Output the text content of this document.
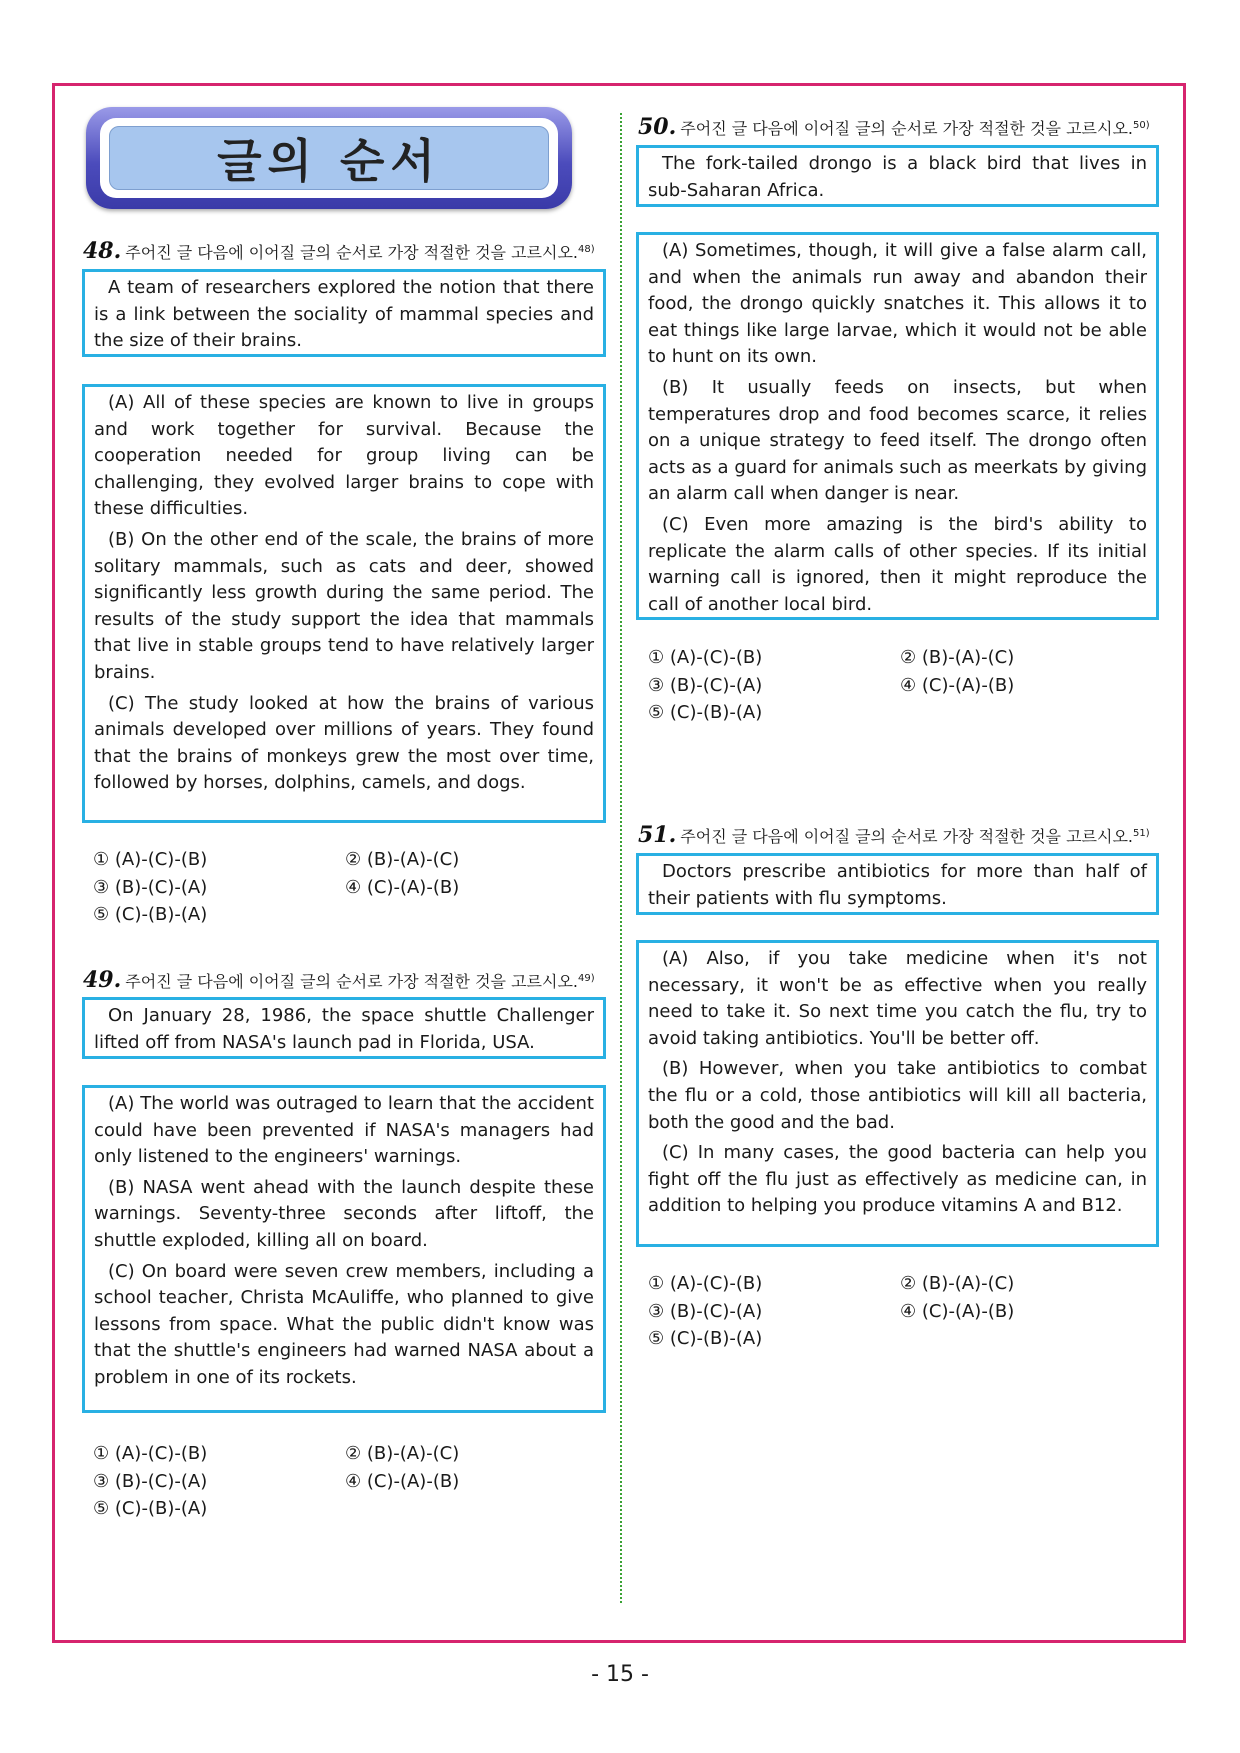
글의 순서
48. 주어진 글 다음에 이어질 글의 순서로 가장 적절한 것을 고르시오. 48)

A team of researchers explored the notion that there is a link between the sociality of mammal species and the size of their brains.

(A) All of these species are known to live in groups and work together for survival. Because the cooperation needed for group living can be challenging, they evolved larger brains to cope with these difficulties.

(B) On the other end of the scale, the brains of more solitary mammals, such as cats and deer, showed significantly less growth during the same period. The results of the study support the idea that mammals that live in stable groups tend to have relatively larger brains.

(C) The study looked at how the brains of various animals developed over millions of years. They found that the brains of monkeys grew the most over time, followed by horses, dolphins, camels, and dogs.

① (A)-(C)-(B)	② (B)-(A)-(C)
③ (B)-(C)-(A)	④ (C)-(A)-(B)
⑤ (C)-(B)-(A)
49. 주어진 글 다음에 이어질 글의 순서로 가장 적절한 것을 고르시오. 49)

On January 28, 1986, the space shuttle Challenger lifted off from NASA's launch pad in Florida, USA.

(A) The world was outraged to learn that the accident could have been prevented if NASA's managers had only listened to the engineers' warnings.

(B) NASA went ahead with the launch despite these warnings. Seventy-three seconds after liftoff, the shuttle exploded, killing all on board.

(C) On board were seven crew members, including a school teacher, Christa McAuliffe, who planned to give lessons from space. What the public didn't know was that the shuttle's engineers had warned NASA about a problem in one of its rockets.

① (A)-(C)-(B)	② (B)-(A)-(C)
③ (B)-(C)-(A)	④ (C)-(A)-(B)
⑤ (C)-(B)-(A)
50. 주어진 글 다음에 이어질 글의 순서로 가장 적절한 것을 고르시오. 50)

The fork-tailed drongo is a black bird that lives in sub-Saharan Africa.

(A) Sometimes, though, it will give a false alarm call, and when the animals run away and abandon their food, the drongo quickly snatches it. This allows it to eat things like large larvae, which it would not be able to hunt on its own.

(B) It usually feeds on insects, but when temperatures drop and food becomes scarce, it relies on a unique strategy to feed itself. The drongo often acts as a guard for animals such as meerkats by giving an alarm call when danger is near.

(C) Even more amazing is the bird's ability to replicate the alarm calls of other species. If its initial warning call is ignored, then it might reproduce the call of another local bird.

① (A)-(C)-(B)	② (B)-(A)-(C)
③ (B)-(C)-(A)	④ (C)-(A)-(B)
⑤ (C)-(B)-(A)
51. 주어진 글 다음에 이어질 글의 순서로 가장 적절한 것을 고르시오. 51)

Doctors prescribe antibiotics for more than half of their patients with flu symptoms.

(A) Also, if you take medicine when it's not necessary, it won't be as effective when you really need to take it. So next time you catch the flu, try to avoid taking antibiotics. You'll be better off.

(B) However, when you take antibiotics to combat the flu or a cold, those antibiotics will kill all bacteria, both the good and the bad.

(C) In many cases, the good bacteria can help you fight off the flu just as effectively as medicine can, in addition to helping you produce vitamins A and B12.

① (A)-(C)-(B)	② (B)-(A)-(C)
③ (B)-(C)-(A)	④ (C)-(A)-(B)
⑤ (C)-(B)-(A)
- 15 -
